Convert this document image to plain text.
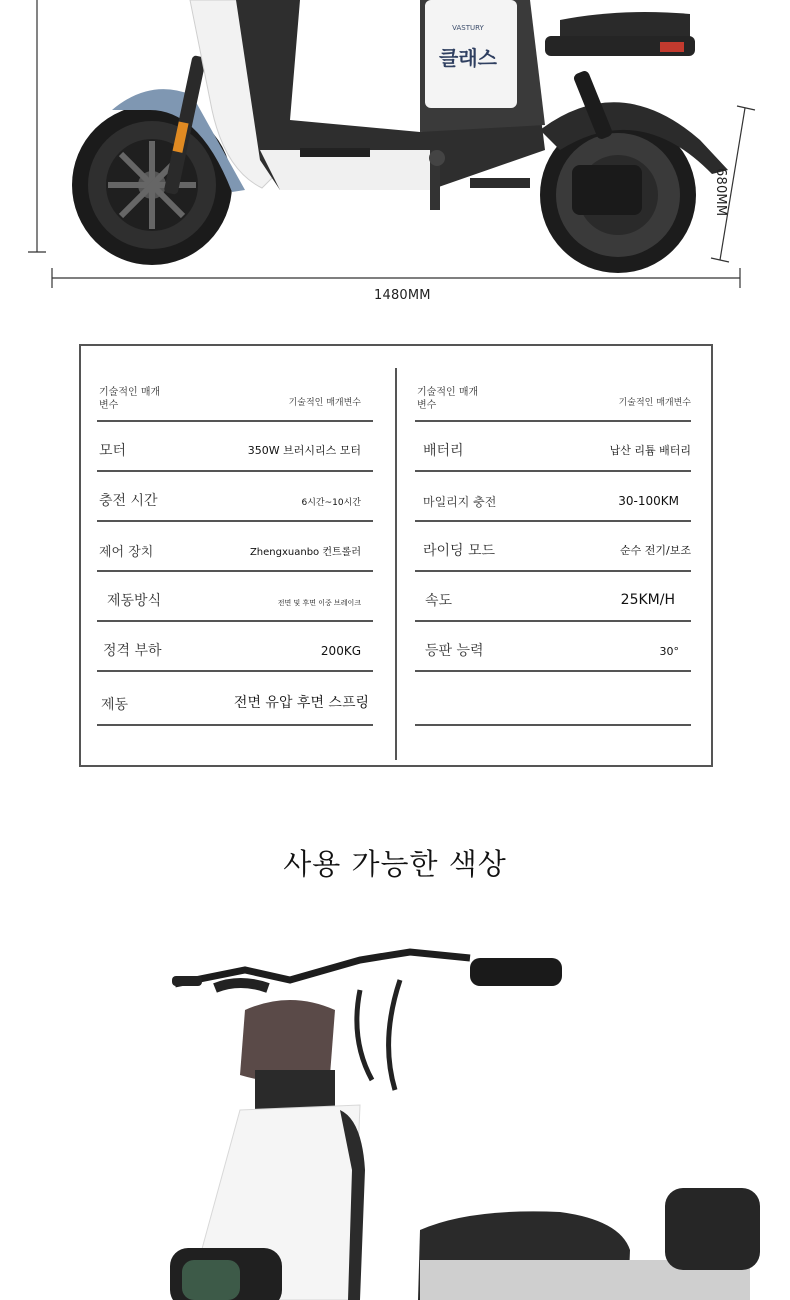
VASTURY
클래스
1480MM
680MM
기술적인 매개변수	기술적인 매개변수
모터	350W 브러시리스 모터
충전 시간	6시간~10시간
제어 장치	Zhengxuanbo 컨트롤러
제동방식	전면 및 후면 이중 브레이크
정격 부하	200KG
제동	전면 유압 후면 스프링
기술적인 매개변수	기술적인 매개변수
배터리	납산 리튬 배터리
마일리지 충전	30-100KM
라이딩 모드	순수 전기/보조
속도	25KM/H
등판 능력	30°
사용 가능한 색상
